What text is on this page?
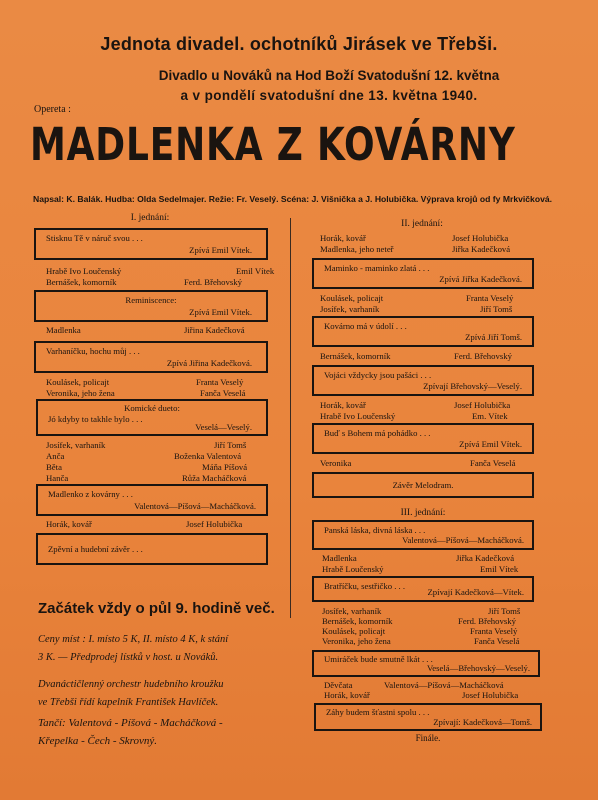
Jednota divadel. ochotníků Jirásek ve Třebši.
Divadlo u Nováků na Hod Boží Svatodušní 12. května
a v pondělí svatodušní dne 13. května 1940.
Opereta :
MADLENKA Z KOVÁRNY
Napsal: K. Balák. Hudba: Olda Sedelmajer. Režie: Fr. Veselý. Scéna: J. Višnička a J. Holubička. Výprava krojů od fy Mrkvičková.
I. jednání:
Stisknu Tě v náruč svou . . .
Zpívá Emil Vítek.
Hrabě Ivo Loučenský	Emil Vítek
Bernášek, komorník	Ferd. Břehovský
Reminiscence:
Zpívá Emil Vítek.
Madlenka	Jiřina Kadečková
Varhaníčku, hochu můj . . .
Zpívá Jiřina Kadečková.
Koulásek, policajt	Franta Veselý
Veronika, jeho žena	Fanča Veselá
Komické dueto:
Jó kdyby to takhle bylo . . .
Veselá—Veselý.
Josífek, varhaník	Jiří Tomš
Anča	Boženka Valentová
Běta	Máňa Píšová
Hanča	Růža Macháčková
Madlenko z kovárny . . .
Valentová—Píšová—Macháčková.
Horák, kovář	Josef Holubička
Zpěvní a hudební závěr . . .
II. jednání:
Horák, kovář	Josef Holubička
Madlenka, jeho neteř	Jiřka Kadečková
Maminko - maminko zlatá . . .
Zpívá Jiřka Kadečková.
Koulásek, policajt	Franta Veselý
Josífek, varhaník	Jiří Tomš
Kovárno má v údolí . . .
Zpívá Jiří Tomš.
Bernášek, komorník	Ferd. Břehovský
Vojáci vždycky jsou pašáci . . .
Zpívají Břehovský—Veselý.
Horák, kovář	Josef Holubička
Hrabě Ivo Loučenský	Em. Vítek
Buď s Bohem má pohádko . . .
Zpívá Emil Vítek.
Veronika	Fanča Veselá
Závěr Melodram.
III. jednání:
Panská láska, divná láska . . .
Valentová—Píšová—Macháčková.
Madlenka	Jiřka Kadečková
Hrabě Loučenský	Emil Vítek
Bratříčku, sestřičko . . .
Zpívají Kadečková—Vítek.
Josífek, varhaník	Jiří Tomš
Bernášek, komorník	Ferd. Břehovský
Koulásek, policajt	Franta Veselý
Veronika, jeho žena	Fanča Veselá
Umiráček bude smutně lkát . . .
Veselá—Břehovský—Veselý.
Děvčata	Valentová—Píšová—Macháčková
Horák, kovář	Josef Holubička
Záhy budem šťastni spolu . . .
Zpívají: Kadečková—Tomš.
Finále.
Začátek vždy o půl 9. hodině več.
Ceny míst : I. místo 5 K, II. místo 4 K, k stání
3 K. — Předprodej lístků v host. u Nováků.
Dvanáctičlenný orchestr hudebního kroužku
ve Třebši řídí kapelník František Havlíček.
Tančí: Valentová - Píšová - Macháčková -
Křepelka - Čech - Skrovný.
